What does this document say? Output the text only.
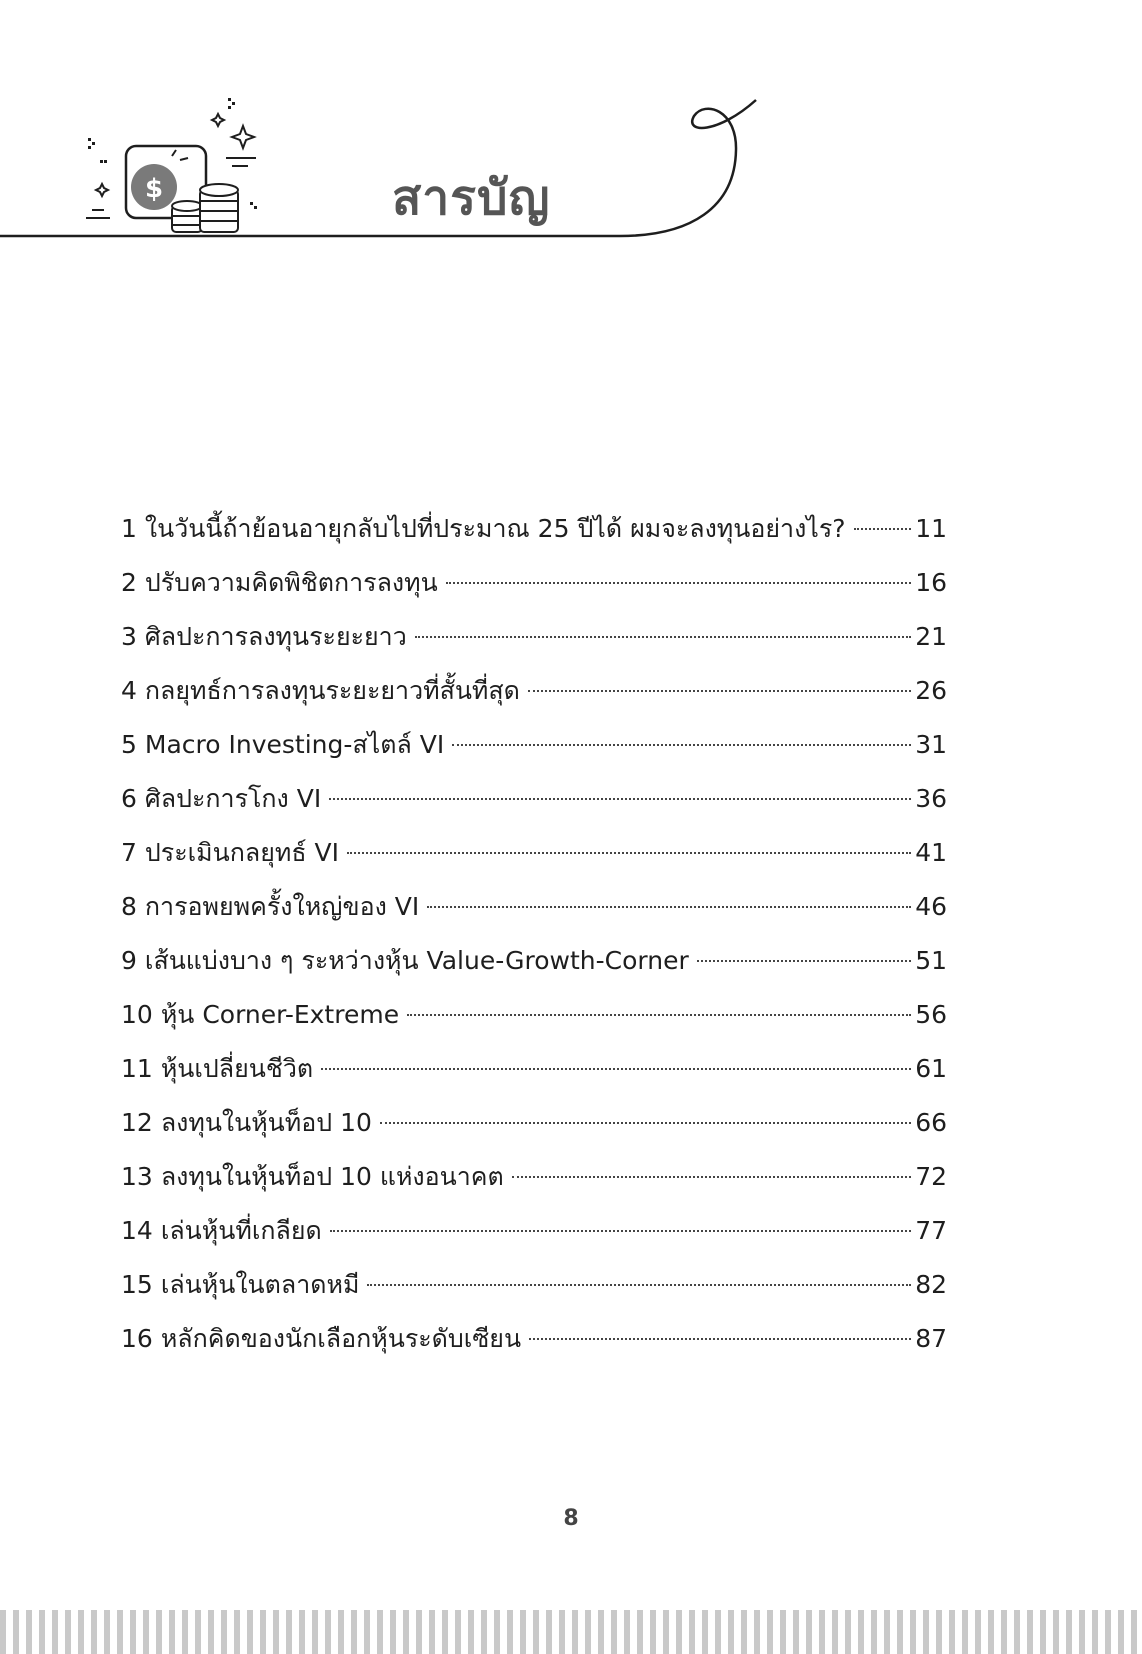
$	สารบัญ
1 ในวันนี้ถ้าย้อนอายุกลับไปที่ประมาณ 25 ปีได้ ผมจะลงทุนอย่างไร?	11
2 ปรับความคิดพิชิตการลงทุน	16
3 ศิลปะการลงทุนระยะยาว	21
4 กลยุทธ์การลงทุนระยะยาวที่สั้นที่สุด	26
5 Macro Investing-สไตล์ VI	31
6 ศิลปะการโกง VI	36
7 ประเมินกลยุทธ์ VI	41
8 การอพยพครั้งใหญ่ของ VI	46
9 เส้นแบ่งบาง ๆ ระหว่างหุ้น Value-Growth-Corner	51
10 หุ้น Corner-Extreme	56
11 หุ้นเปลี่ยนชีวิต	61
12 ลงทุนในหุ้นท็อป 10	66
13 ลงทุนในหุ้นท็อป 10 แห่งอนาคต	72
14 เล่นหุ้นที่เกลียด	77
15 เล่นหุ้นในตลาดหมี	82
16 หลักคิดของนักเลือกหุ้นระดับเซียน	87
8
